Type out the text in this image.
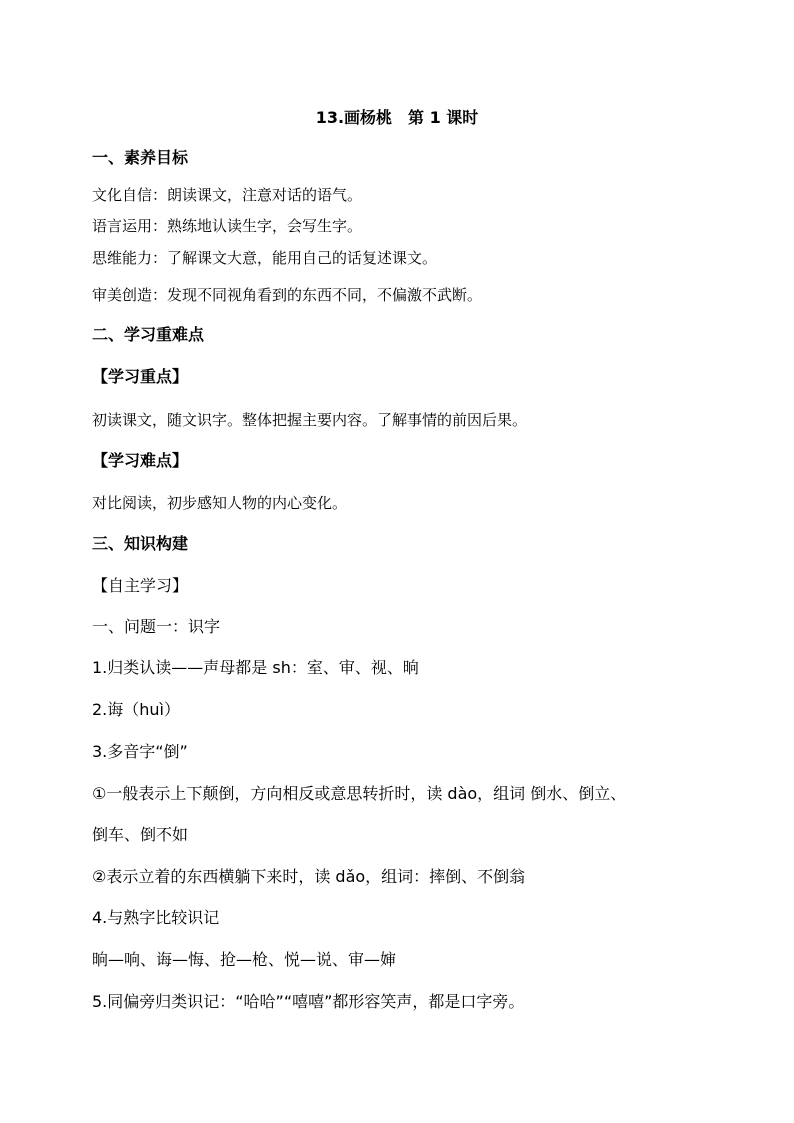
13.画杨桃　第 1 课时
一、素养目标
文化自信：朗读课文，注意对话的语气。
语言运用：熟练地认读生字，会写生字。
思维能力：了解课文大意，能用自己的话复述课文。
审美创造：发现不同视角看到的东西不同，不偏激不武断。
二、学习重难点
【学习重点】
初读课文，随文识字。整体把握主要内容。了解事情的前因后果。
【学习难点】
对比阅读，初步感知人物的内心变化。
三、知识构建
【自主学习】
一、问题一：识字
1.归类认读——声母都是 sh：室、审、视、晌
2.诲（huì）
3.多音字“倒”
①一般表示上下颠倒，方向相反或意思转折时，读 dào，组词 倒水、倒立、
倒车、倒不如
②表示立着的东西横躺下来时，读 dǎo，组词：摔倒、不倒翁
4.与熟字比较识记
晌—响、诲—悔、抢—枪、悦—说、审—婶
5.同偏旁归类识记：“哈哈”“嘻嘻”都形容笑声，都是口字旁。
